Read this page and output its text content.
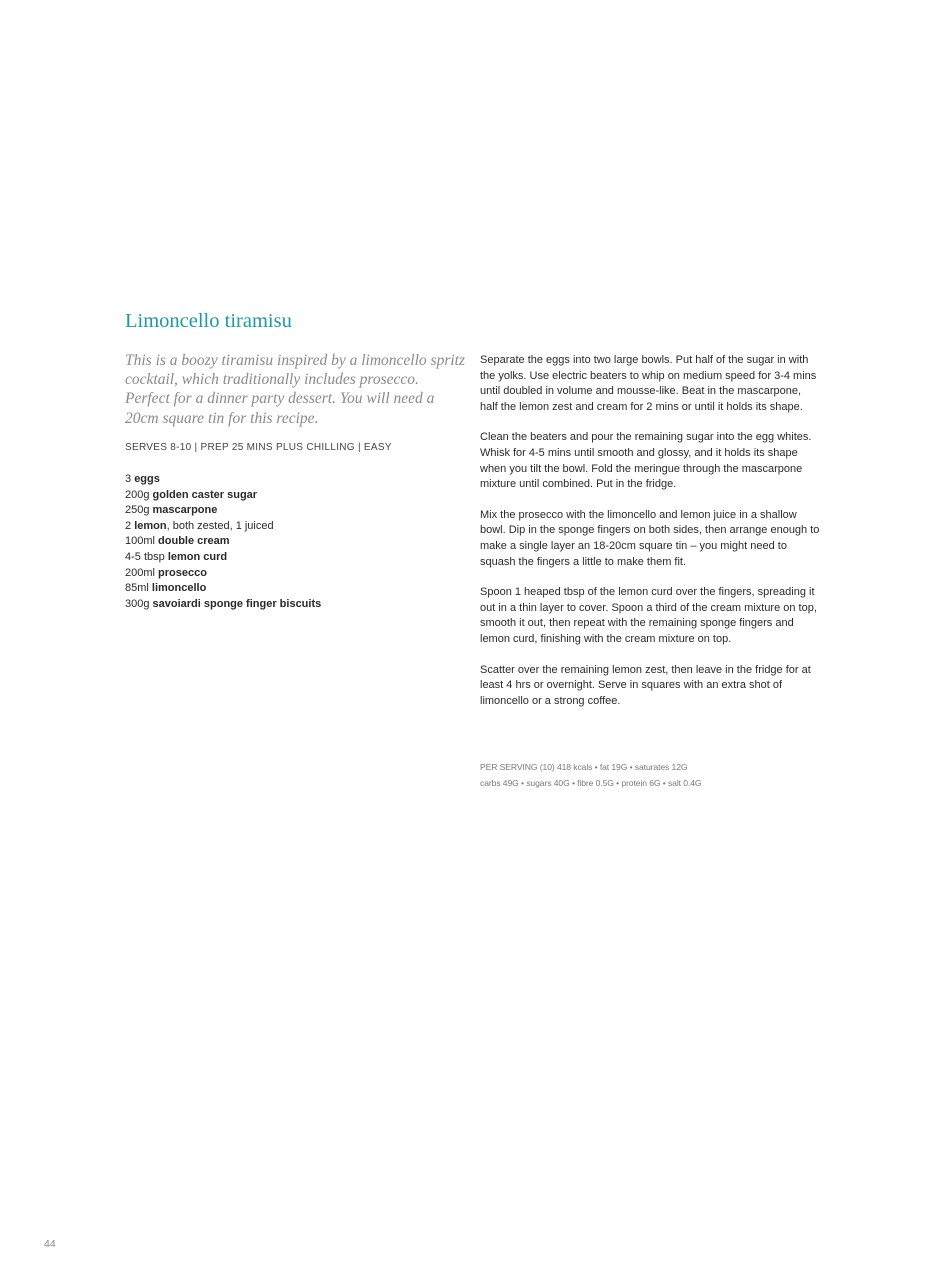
Limoncello tiramisu

This is a boozy tiramisu inspired by a limoncello spritz cocktail, which traditionally includes prosecco. Perfect for a dinner party dessert. You will need a 20cm square tin for this recipe.

SERVES 8-10 | PREP 25 MINS PLUS CHILLING | EASY
3 eggs
200g golden caster sugar
250g mascarpone
2 lemon, both zested, 1 juiced
100ml double cream
4-5 tbsp lemon curd
200ml prosecco
85ml limoncello
300g savoiardi sponge finger biscuits

Separate the eggs into two large bowls. Put half of the sugar in with the yolks. Use electric beaters to whip on medium speed for 3-4 mins until doubled in volume and mousse-like. Beat in the mascarpone, half the lemon zest and cream for 2 mins or until it holds its shape.

Clean the beaters and pour the remaining sugar into the egg whites. Whisk for 4-5 mins until smooth and glossy, and it holds its shape when you tilt the bowl. Fold the meringue through the mascarpone mixture until combined. Put in the fridge.

Mix the prosecco with the limoncello and lemon juice in a shallow bowl. Dip in the sponge fingers on both sides, then arrange enough to make a single layer an 18-20cm square tin – you might need to squash the fingers a little to make them fit.

Spoon 1 heaped tbsp of the lemon curd over the fingers, spreading it out in a thin layer to cover. Spoon a third of the cream mixture on top, smooth it out, then repeat with the remaining sponge fingers and lemon curd, finishing with the cream mixture on top.

Scatter over the remaining lemon zest, then leave in the fridge for at least 4 hrs or overnight. Serve in squares with an extra shot of limoncello or a strong coffee.

PER SERVING (10) 418 kcals • fat 19G • saturates 12G
carbs 49G • sugars 40G • fibre 0.5G • protein 6G • salt 0.4G
44
